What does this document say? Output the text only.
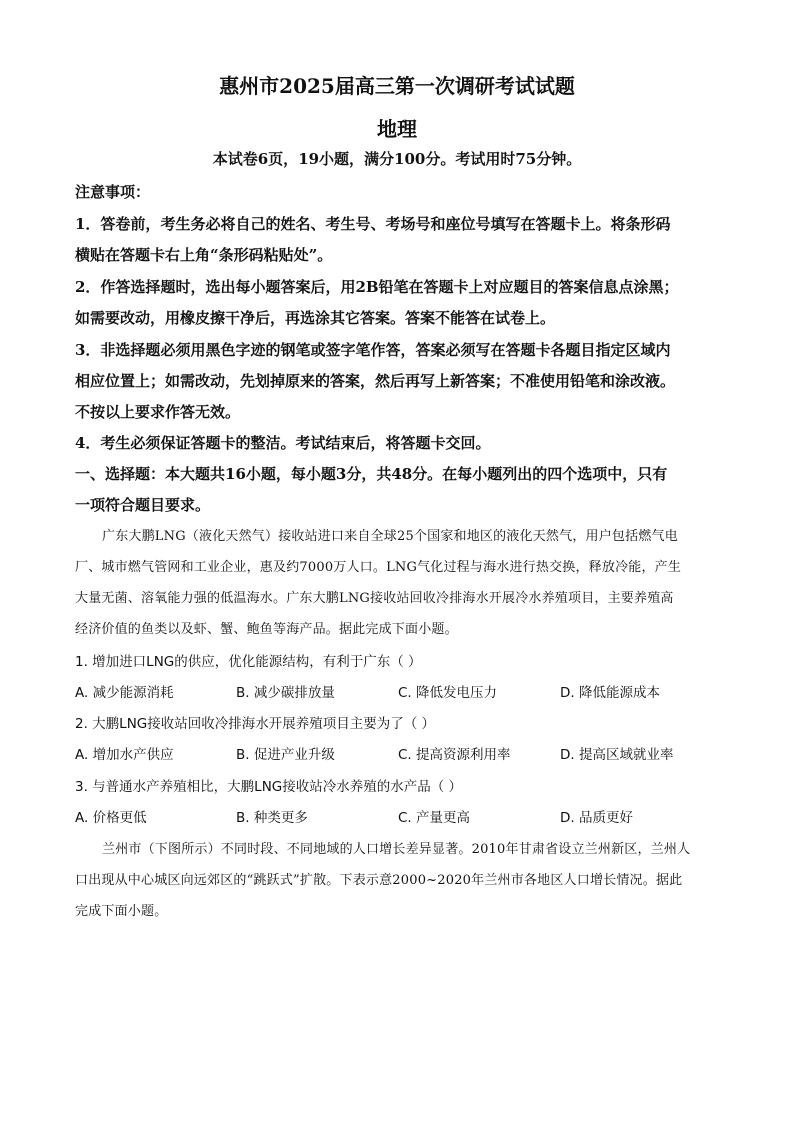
惠州市2025届高三第一次调研考试试题
地理
本试卷6页，19小题，满分100分。考试用时75分钟。
注意事项：
1．答卷前，考生务必将自己的姓名、考生号、考场号和座位号填写在答题卡上。将条形码
横贴在答题卡右上角“条形码粘贴处”。
2．作答选择题时，选出每小题答案后，用2B铅笔在答题卡上对应题目的答案信息点涂黑；
如需要改动，用橡皮擦干净后，再选涂其它答案。答案不能答在试卷上。
3．非选择题必须用黑色字迹的钢笔或签字笔作答，答案必须写在答题卡各题目指定区域内
相应位置上；如需改动，先划掉原来的答案，然后再写上新答案；不准使用铅笔和涂改液。
不按以上要求作答无效。
4．考生必须保证答题卡的整洁。考试结束后，将答题卡交回。
一、选择题：本大题共16小题，每小题3分，共48分。在每小题列出的四个选项中，只有
一项符合题目要求。
广东大鹏LNG（液化天然气）接收站进口来自全球25个国家和地区的液化天然气，用户包括燃气电
厂、城市燃气管网和工业企业，惠及约7000万人口。LNG气化过程与海水进行热交换，释放冷能，产生
大量无菌、溶氧能力强的低温海水。广东大鹏LNG接收站回收冷排海水开展冷水养殖项目，主要养殖高
经济价值的鱼类以及虾、蟹、鲍鱼等海产品。据此完成下面小题。
1. 增加进口LNG的供应，优化能源结构，有利于广东（ ）
A. 减少能源消耗	B. 减少碳排放量	C. 降低发电压力	D. 降低能源成本
2. 大鹏LNG接收站回收冷排海水开展养殖项目主要为了（ ）
A. 增加水产供应	B. 促进产业升级	C. 提高资源利用率	D. 提高区域就业率
3. 与普通水产养殖相比，大鹏LNG接收站冷水养殖的水产品（ ）
A. 价格更低	B. 种类更多	C. 产量更高	D. 品质更好
兰州市（下图所示）不同时段、不同地域的人口增长差异显著。2010年甘肃省设立兰州新区，兰州人
口出现从中心城区向远郊区的“跳跃式”扩散。下表示意2000~2020年兰州市各地区人口增长情况。据此
完成下面小题。
